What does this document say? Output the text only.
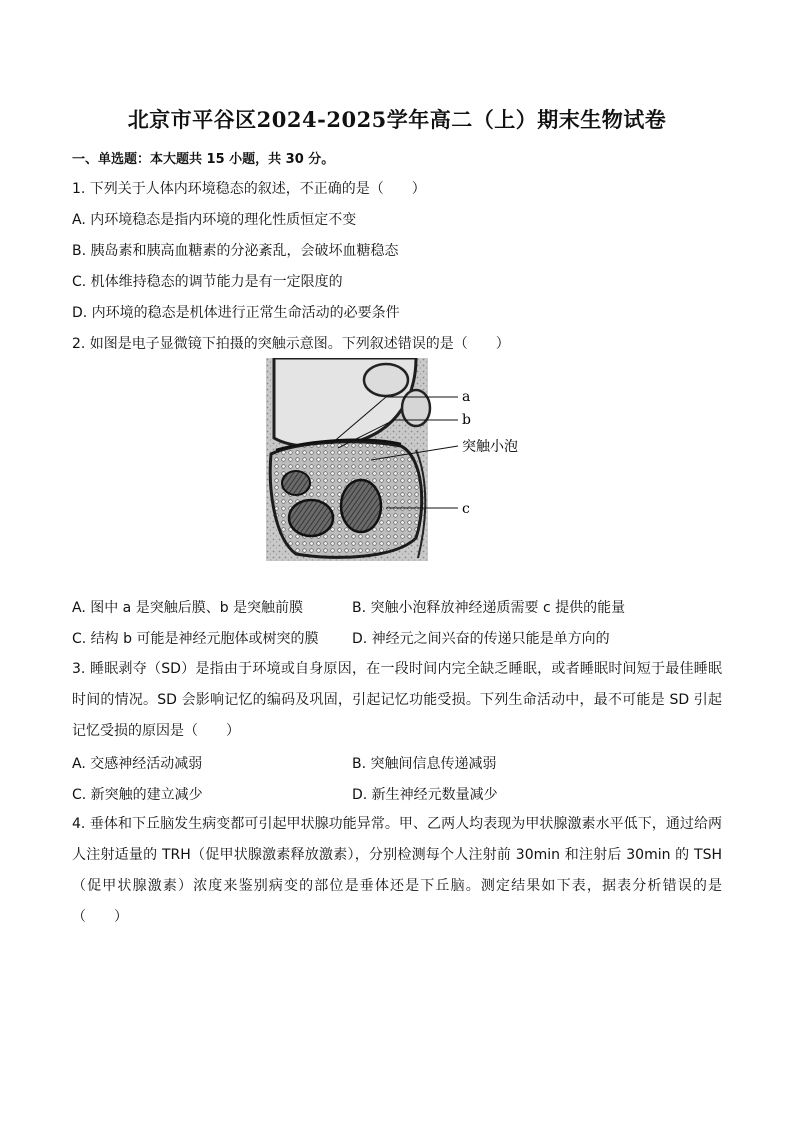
北京市平谷区2024-2025学年高二（上）期末生物试卷
一、单选题：本大题共 15 小题，共 30 分。
1. 下列关于人体内环境稳态的叙述，不正确的是（　　）
A. 内环境稳态是指内环境的理化性质恒定不变
B. 胰岛素和胰高血糖素的分泌紊乱，会破坏血糖稳态
C. 机体维持稳态的调节能力是有一定限度的
D. 内环境的稳态是机体进行正常生命活动的必要条件
2. 如图是电子显微镜下拍摄的突触示意图。下列叙述错误的是（　　）
a
b
突触小泡
c
A. 图中 a 是突触后膜、b 是突触前膜	B. 突触小泡释放神经递质需要 c 提供的能量
C. 结构 b 可能是神经元胞体或树突的膜 D. 神经元之间兴奋的传递只能是单方向的
3. 睡眠剥夺（SD）是指由于环境或自身原因，在一段时间内完全缺乏睡眠，或者睡眠时间短于最佳睡眠时间的情况。SD 会影响记忆的编码及巩固，引起记忆功能受损。下列生命活动中，最不可能是 SD 引起记忆受损的原因是（　　）
A. 交感神经活动减弱	B. 突触间信息传递减弱
C. 新突触的建立减少	D. 新生神经元数量减少
4. 垂体和下丘脑发生病变都可引起甲状腺功能异常。甲、乙两人均表现为甲状腺激素水平低下，通过给两人注射适量的 TRH（促甲状腺激素释放激素），分别检测每个人注射前 30min 和注射后 30min 的 TSH（促甲状腺激素）浓度来鉴别病变的部位是垂体还是下丘脑。测定结果如下表，据表分析错误的是（　　）
